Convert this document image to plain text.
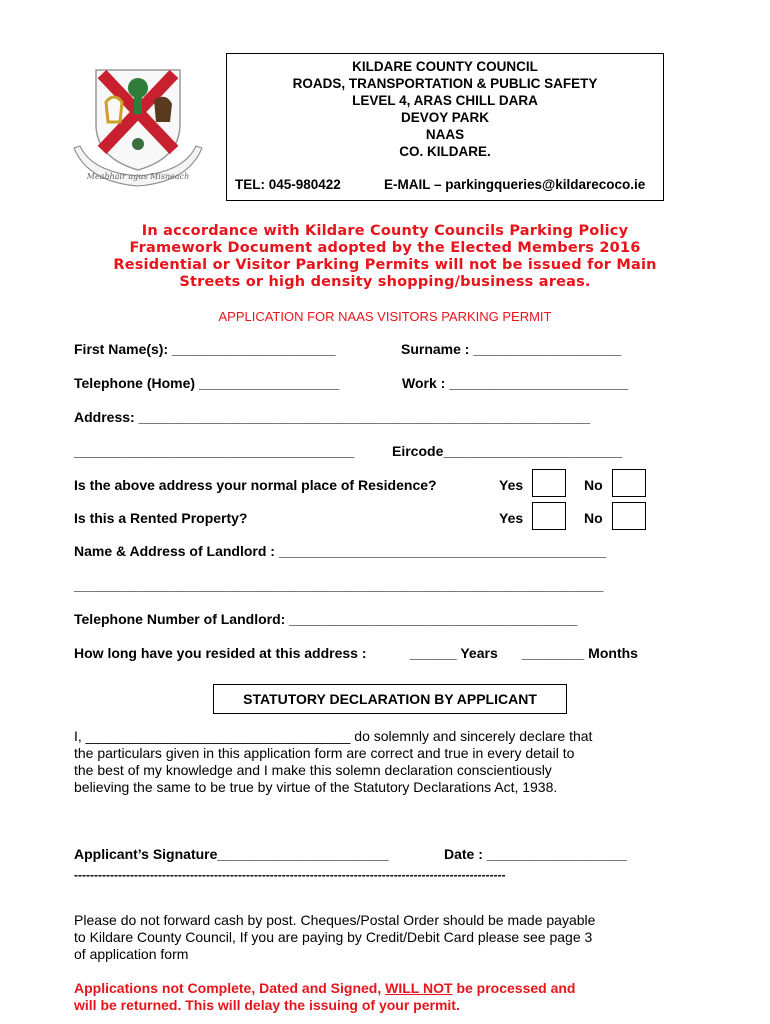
Meabhair agus Misneach
KILDARE COUNTY COUNCIL
ROADS, TRANSPORTATION & PUBLIC SAFETY
LEVEL 4, ARAS CHILL DARA
DEVOY PARK
NAAS
CO. KILDARE.
TEL: 045-980422	E-MAIL – parkingqueries@kildarecoco.ie
In accordance with Kildare County Councils Parking Policy
Framework Document adopted by the Elected Members 2016
Residential or Visitor Parking Permits will not be issued for Main
Streets or high density shopping/business areas.
APPLICATION FOR NAAS VISITORS PARKING PERMIT
First Name(s): _____________________	Surname : ___________________
Telephone (Home) __________________	Work : _______________________
Address: __________________________________________________________
____________________________________	Eircode_______________________
Is the above address your normal place of Residence?	Yes	No
Is this a Rented Property?	Yes	No
Name & Address of Landlord : __________________________________________
____________________________________________________________________
Telephone Number of Landlord: _____________________________________
How long have you resided at this address :	______ Years ________ Months
STATUTORY DECLARATION BY APPLICANT
I, __________________________________ do solemnly and sincerely declare that
the particulars given in this application form are correct and true in every detail to
the best of my knowledge and I make this solemn declaration conscientiously
believing the same to be true by virtue of the Statutory Declarations Act, 1938.
Applicant’s Signature______________________	Date : __________________
------------------------------------------------------------------------------------------------------------
Please do not forward cash by post. Cheques/Postal Order should be made payable
to Kildare County Council, If you are paying by Credit/Debit Card please see page 3
of application form
Applications not Complete, Dated and Signed, WILL NOT be processed and
will be returned. This will delay the issuing of your permit.
